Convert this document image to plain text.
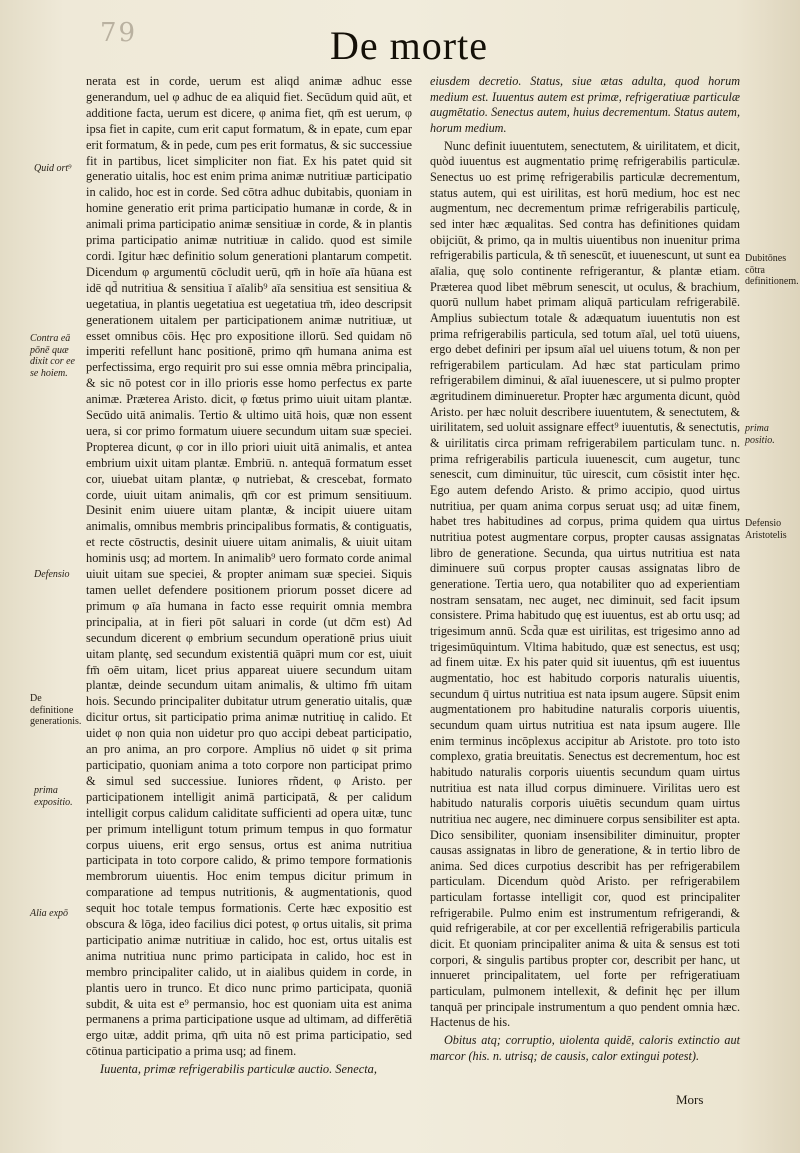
79	De morte
Quid ort⁹
Contra eā pōnē quæ dixit cor ee se hoiem.
Defensio
De definitione generationis.
prima expositio.
Alia expō
Dubitōnes cōtra definitionem.
prima positio.
Defensio Aristotelis

nerata est in corde, uerum est aliqd animæ adhuc esse generandum, uel φ adhuc de ea aliquid fiet. Secūdum quid aūt, et additione facta, uerum est dicere, φ anima fiet, qm̄ est uerum, φ ipsa fiet in capite, cum erit caput formatum, & in epate, cum epar erit formatum, & in pede, cum pes erit formatus, & sic successiue fit in partibus, licet simpliciter non fiat. Ex his patet quid sit generatio uitalis, hoc est enim prima animæ nutritiuæ participatio in calido, hoc est in corde. Sed cōtra adhuc dubitabis, quoniam in homine generatio erit prima participatio humanæ in corde, & in animali prima participatio animæ sensitiuæ in corde, & in plantis prima participatio animæ nutritiuæ in calido. quod est simile cordi. Igitur hæc definitio solum generationi plantarum competit. Dicendum φ argumentū cōcludit uerū, qm̄ in hoīe aīa hūana est idē qd̄ nutritiua & sensitiua ī aīalib⁹ aīa sensitiua est sensitiua & uegetatiua, in plantis uegetatiua est uegetatiua tm̄, ideo descripsit generationem uitalem per participationem animæ nutritiuæ, ut esset omnibus cōis. Hęc pro expositione illorū. Sed quidam nō imperiti refellunt hanc positionē, primo qm̄ humana anima est perfectissima, ergo requirit pro sui esse omnia mēbra principalia, & sic nō potest cor in illo prioris esse homo perfectus ex parte animæ. Præterea Aristo. dicit, φ fœtus primo uiuit uitam plantæ. Secūdo uitā animalis. Tertio & ultimo uitā hois, quæ non essent uera, si cor primo formatum uiuere secundum uitam suæ speciei. Propterea dicunt, φ cor in illo priori uiuit uitā animalis, et antea embrium uixit uitam plantæ. Embriū. n. antequā formatum esset cor, uiuebat uitam plantæ, φ nutriebat, & crescebat, formato corde, uiuit uitam animalis, qm̄ cor est primum sensitiuum. Desinit enim uiuere uitam plantæ, & incipit uiuere uitam animalis, omnibus membris principalibus formatis, & contiguatis, et recte cōstructis, desinit uiuere uitam animalis, & uiuit uitam hominis usq; ad mortem. In animalib⁹ uero formato corde animal uiuit uitam sue speciei, & propter animam suæ speciei. Siquis tamen uellet defendere positionem priorum posset dicere ad primum φ aīa humana in facto esse requirit omnia membra principalia, at in fieri pōt saluari in corde (ut dc̄m est) Ad secundum dicerent φ embrium secundum operationē prius uiuit uitam plantę, sed secundum existentiā quāpri mum cor est, uiuit fm̄ oēm uitam, licet prius appareat uiuere secundum uitam plantæ, deinde secundum uitam animalis, & ultimo fm̄ uitam hois. Secundo principaliter dubitatur utrum generatio uitalis, quæ dicitur ortus, sit participatio prima animæ nutritiuę in calido. Et uidet φ non quia non uidetur pro quo accipi debeat participatio, an pro anima, an pro corpore. Amplius nō uidet φ sit prima participatio, quoniam anima a toto corpore non participat primo & simul sed successiue. Iuniores rñdent, φ Aristo. per participationem intelligit animā participatā, & per calidum intelligit corpus calidum caliditate sufficienti ad opera uitæ, tunc per primum intelligunt totum primum tempus in quo formatur corpus uiuens, erit ergo sensus, ortus est anima nutritiua participata in toto corpore calido, & primo tempore formationis membrorum uiuentis. Hoc enim tempus dicitur primum in comparatione ad tempus nutritionis, & augmentationis, quod sequit hoc totale tempus formationis. Certe hæc expositio est obscura & lōga, ideo facilius dici potest, φ ortus uitalis, sit prima participatio animæ nutritiuæ in calido, hoc est, ortus uitalis est anima nutritiua nunc primo participata in calido, hoc est in membro principaliter calido, ut in aialibus quidem in corde, in plantis uero in trunco. Et dico nunc primo participata, quoniā subdit, & uita est e⁹ permansio, hoc est quoniam uita est anima permanens a prima participatione usque ad ultimam, ad differētiā ergo uitæ, addit prima, qm̄ uita nō est prima participatio, sed cōtinua participatio a prima usq; ad finem.

Iuuenta, primæ refrigerabilis particulæ auctio. Senecta,

eiusdem decretio. Status, siue ætas adulta, quod horum medium est. Iuuentus autem est primæ, refrigeratiuæ particulæ augmētatio. Senectus autem, huius decrementum. Status autem, horum medium.

Nunc definit iuuentutem, senectutem, & uirilitatem, et dicit, quòd iuuentus est augmentatio primę refrigerabilis particulæ. Senectus uo est primę refrigerabilis particulæ decrementum, status autem, qui est uirilitas, est horū medium, hoc est nec augmentum, nec decrementum primæ refrigerabilis particulę, sed inter hæc æqualitas. Sed contra has definitiones quidam obijciūt, & primo, qa in multis uiuentibus non inuenitur prima refrigerabilis particula, & tñ senescūt, et iuuenescunt, ut sunt ea aīalia, quę solo continente refrigerantur, & plantæ etiam. Præterea quod libet mēbrum senescit, ut oculus, & brachium, quorū nullum habet primam aliquā particulam refrigerabilē. Amplius subiectum totale & adæquatum iuuentutis non est prima refrigerabilis particula, sed totum aīal, uel totū uiuens, ergo debet definiri per ipsum aīal uel uiuens totum, & non per refrigerabilem particulam. Ad hæc stat particulam primo refrigerabilem diminui, & aīal iuuenescere, ut si pulmo propter ægritudinem diminueretur. Propter hæc argumenta dicunt, quòd Aristo. per hæc noluit describere iuuentutem, & senectutem, & uirilitatem, sed uoluit assignare effect⁹ iuuentutis, & senectutis, & uirilitatis circa primam refrigerabilem particulam tunc. n. prima refrigerabilis particula iuuenescit, cum augetur, tunc senescit, cum diminuitur, tūc uirescit, cum cōsistit inter hęc. Ego autem defendo Aristo. & primo accipio, quod uirtus nutritiua, per quam anima corpus seruat usq; ad uitæ finem, habet tres habitudines ad corpus, prima quidem qua uirtus nutritiua potest augmentare corpus, propter causas assignatas libro de generatione. Secunda, qua uirtus nutritiua est nata diminuere suū corpus propter causas assignatas libro de generatione. Tertia uero, qua notabiliter quo ad experientiam nostram sensatam, nec auget, nec diminuit, sed facit ipsum consistere. Prima habitudo quę est iuuentus, est ab ortu usq; ad trigesimum annū. Scd̄a quæ est uirilitas, est trigesimo anno ad trigesimūquintum. Vltima habitudo, quæ est senectus, est usq; ad finem uitæ. Ex his pater quid sit iuuentus, qm̄ est iuuentus augmentatio, hoc est habitudo corporis naturalis uiuentis, secundum q̄ uirtus nutritiua est nata ipsum augere. Sūpsit enim augmentationem pro habitudine naturalis corporis uiuentis, secundum quam uirtus nutritiua est nata ipsum augere. Ille enim terminus incōplexus accipitur ab Aristote. pro toto isto complexo, gratia breuitatis. Senectus est decrementum, hoc est habitudo naturalis corporis uiuentis secundum quam uirtus nutritiua est nata illud corpus diminuere. Virilitas uero est habitudo naturalis corporis uiuētis secundum quam uirtus nutritiua nec augere, nec diminuere corpus sensibiliter est apta. Dico sensibiliter, quoniam insensibiliter diminuitur, propter causas assignatas in libro de generatione, & in tertio libro de anima. Sed dices curpotius describit has per refrigerabilem particulam. Dicendum quòd Aristo. per refrigerabilem particulam fortasse intelligit cor, quod est principaliter refrigerabile. Pulmo enim est instrumentum refrigerandi, & quid refrigerabile, at cor per excellentiā refrigerabilis particula dicit. Et quoniam principaliter anima & uita & sensus est toti corpori, & singulis partibus propter cor, describit per hanc, ut innueret principalitatem, uel forte per refrigeratiuam particulam, pulmonem intellexit, & definit hęc per illum tanquā per principale instrumentum a quo pendent omnia hæc. Hactenus de his.

Obitus atq; corruptio, uiolenta quidē, caloris extinctio aut marcor (his. n. utrisq; de causis, calor extingui potest).

Mors
